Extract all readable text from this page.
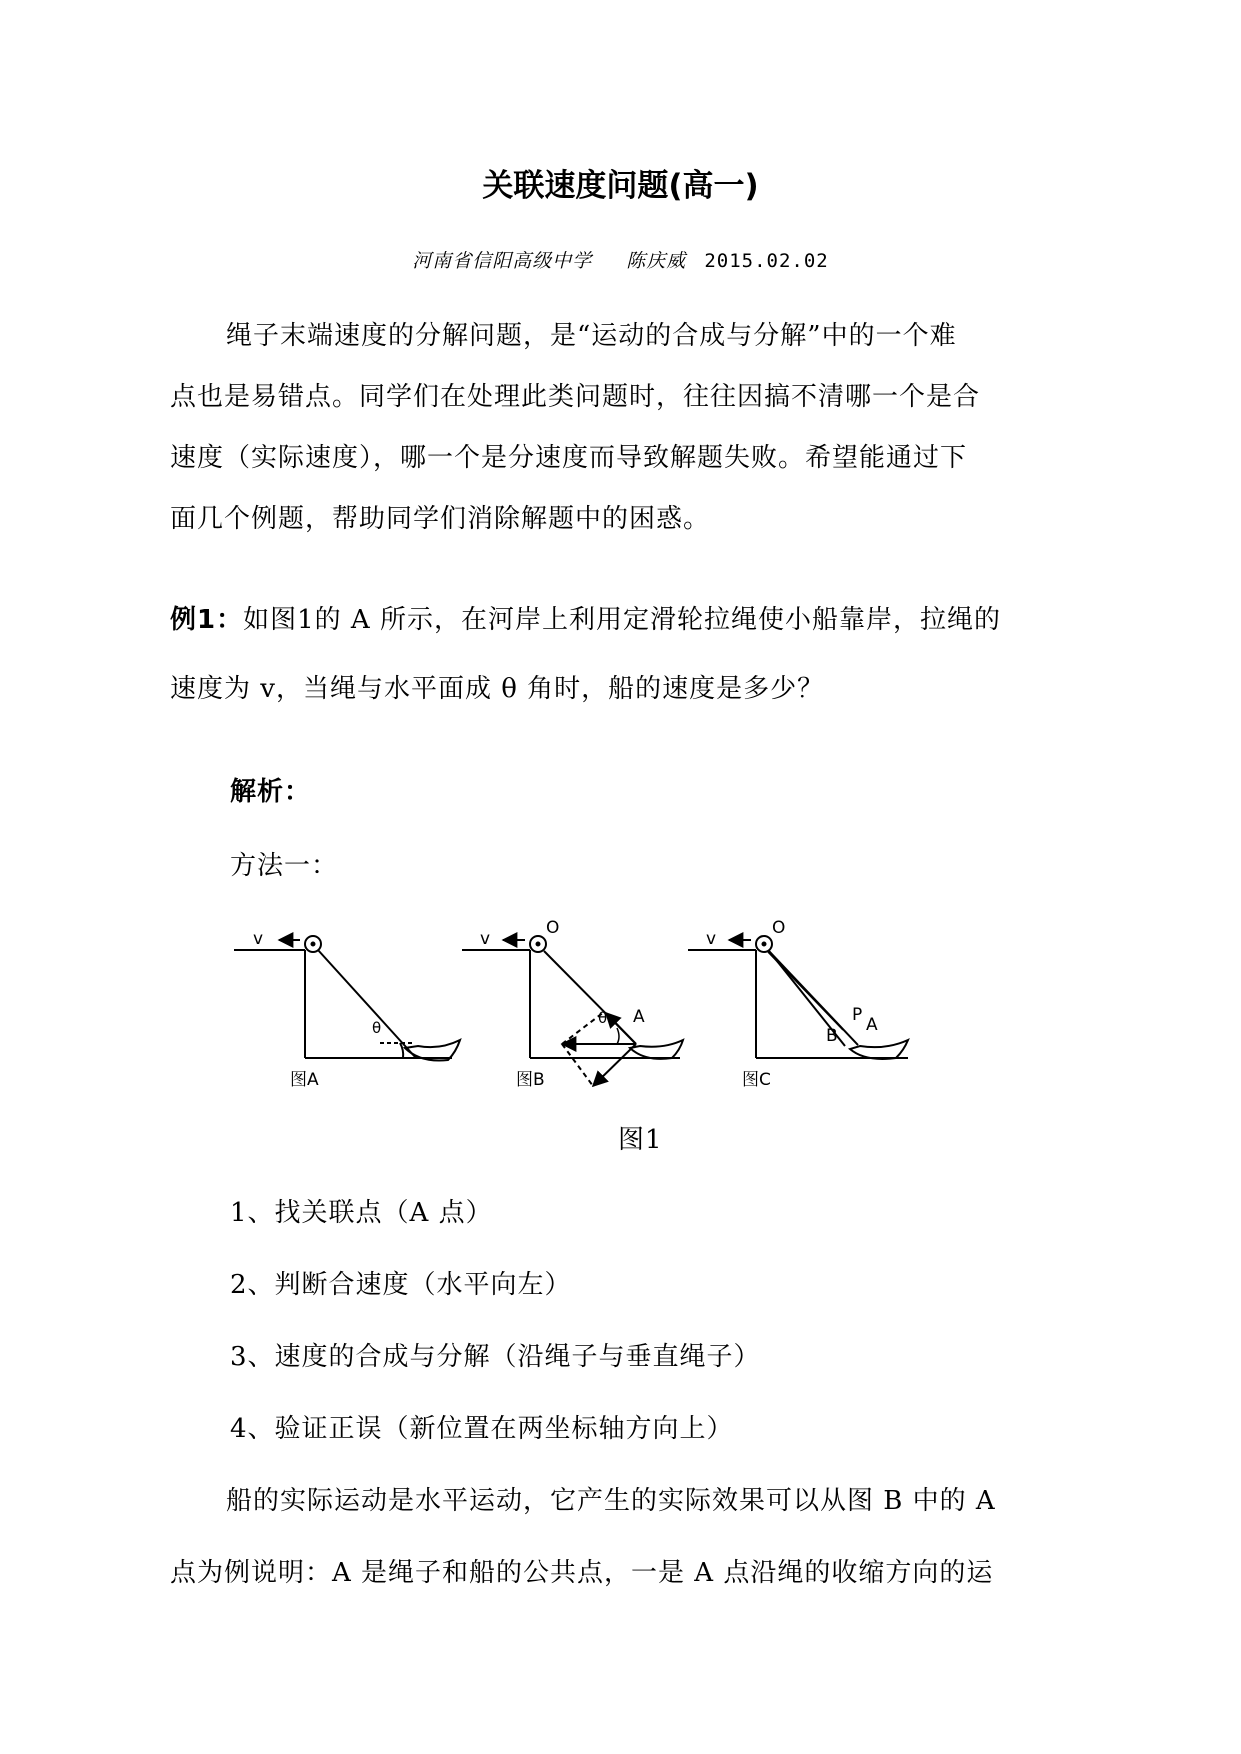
关联速度问题(高一)
河南省信阳高级中学 陈庆威 2015.02.02
绳子末端速度的分解问题，是“运动的合成与分解”中的一个难
点也是易错点。同学们在处理此类问题时，往往因搞不清哪一个是合
速度（实际速度），哪一个是分速度而导致解题失败。希望能通过下
面几个例题，帮助同学们消除解题中的困惑。
例1：如图1的 A 所示，在河岸上利用定滑轮拉绳使小船靠岸，拉绳的
速度为 v，当绳与水平面成 θ 角时，船的速度是多少？
解析：
方法一：
v
θ
图A
v
O
θ A
图B
v
O
P A
B
图C
图1
1、找关联点（A 点）
2、判断合速度（水平向左）
3、速度的合成与分解（沿绳子与垂直绳子）
4、验证正误（新位置在两坐标轴方向上）
船的实际运动是水平运动，它产生的实际效果可以从图 B 中的 A
点为例说明：A 是绳子和船的公共点，一是 A 点沿绳的收缩方向的运
